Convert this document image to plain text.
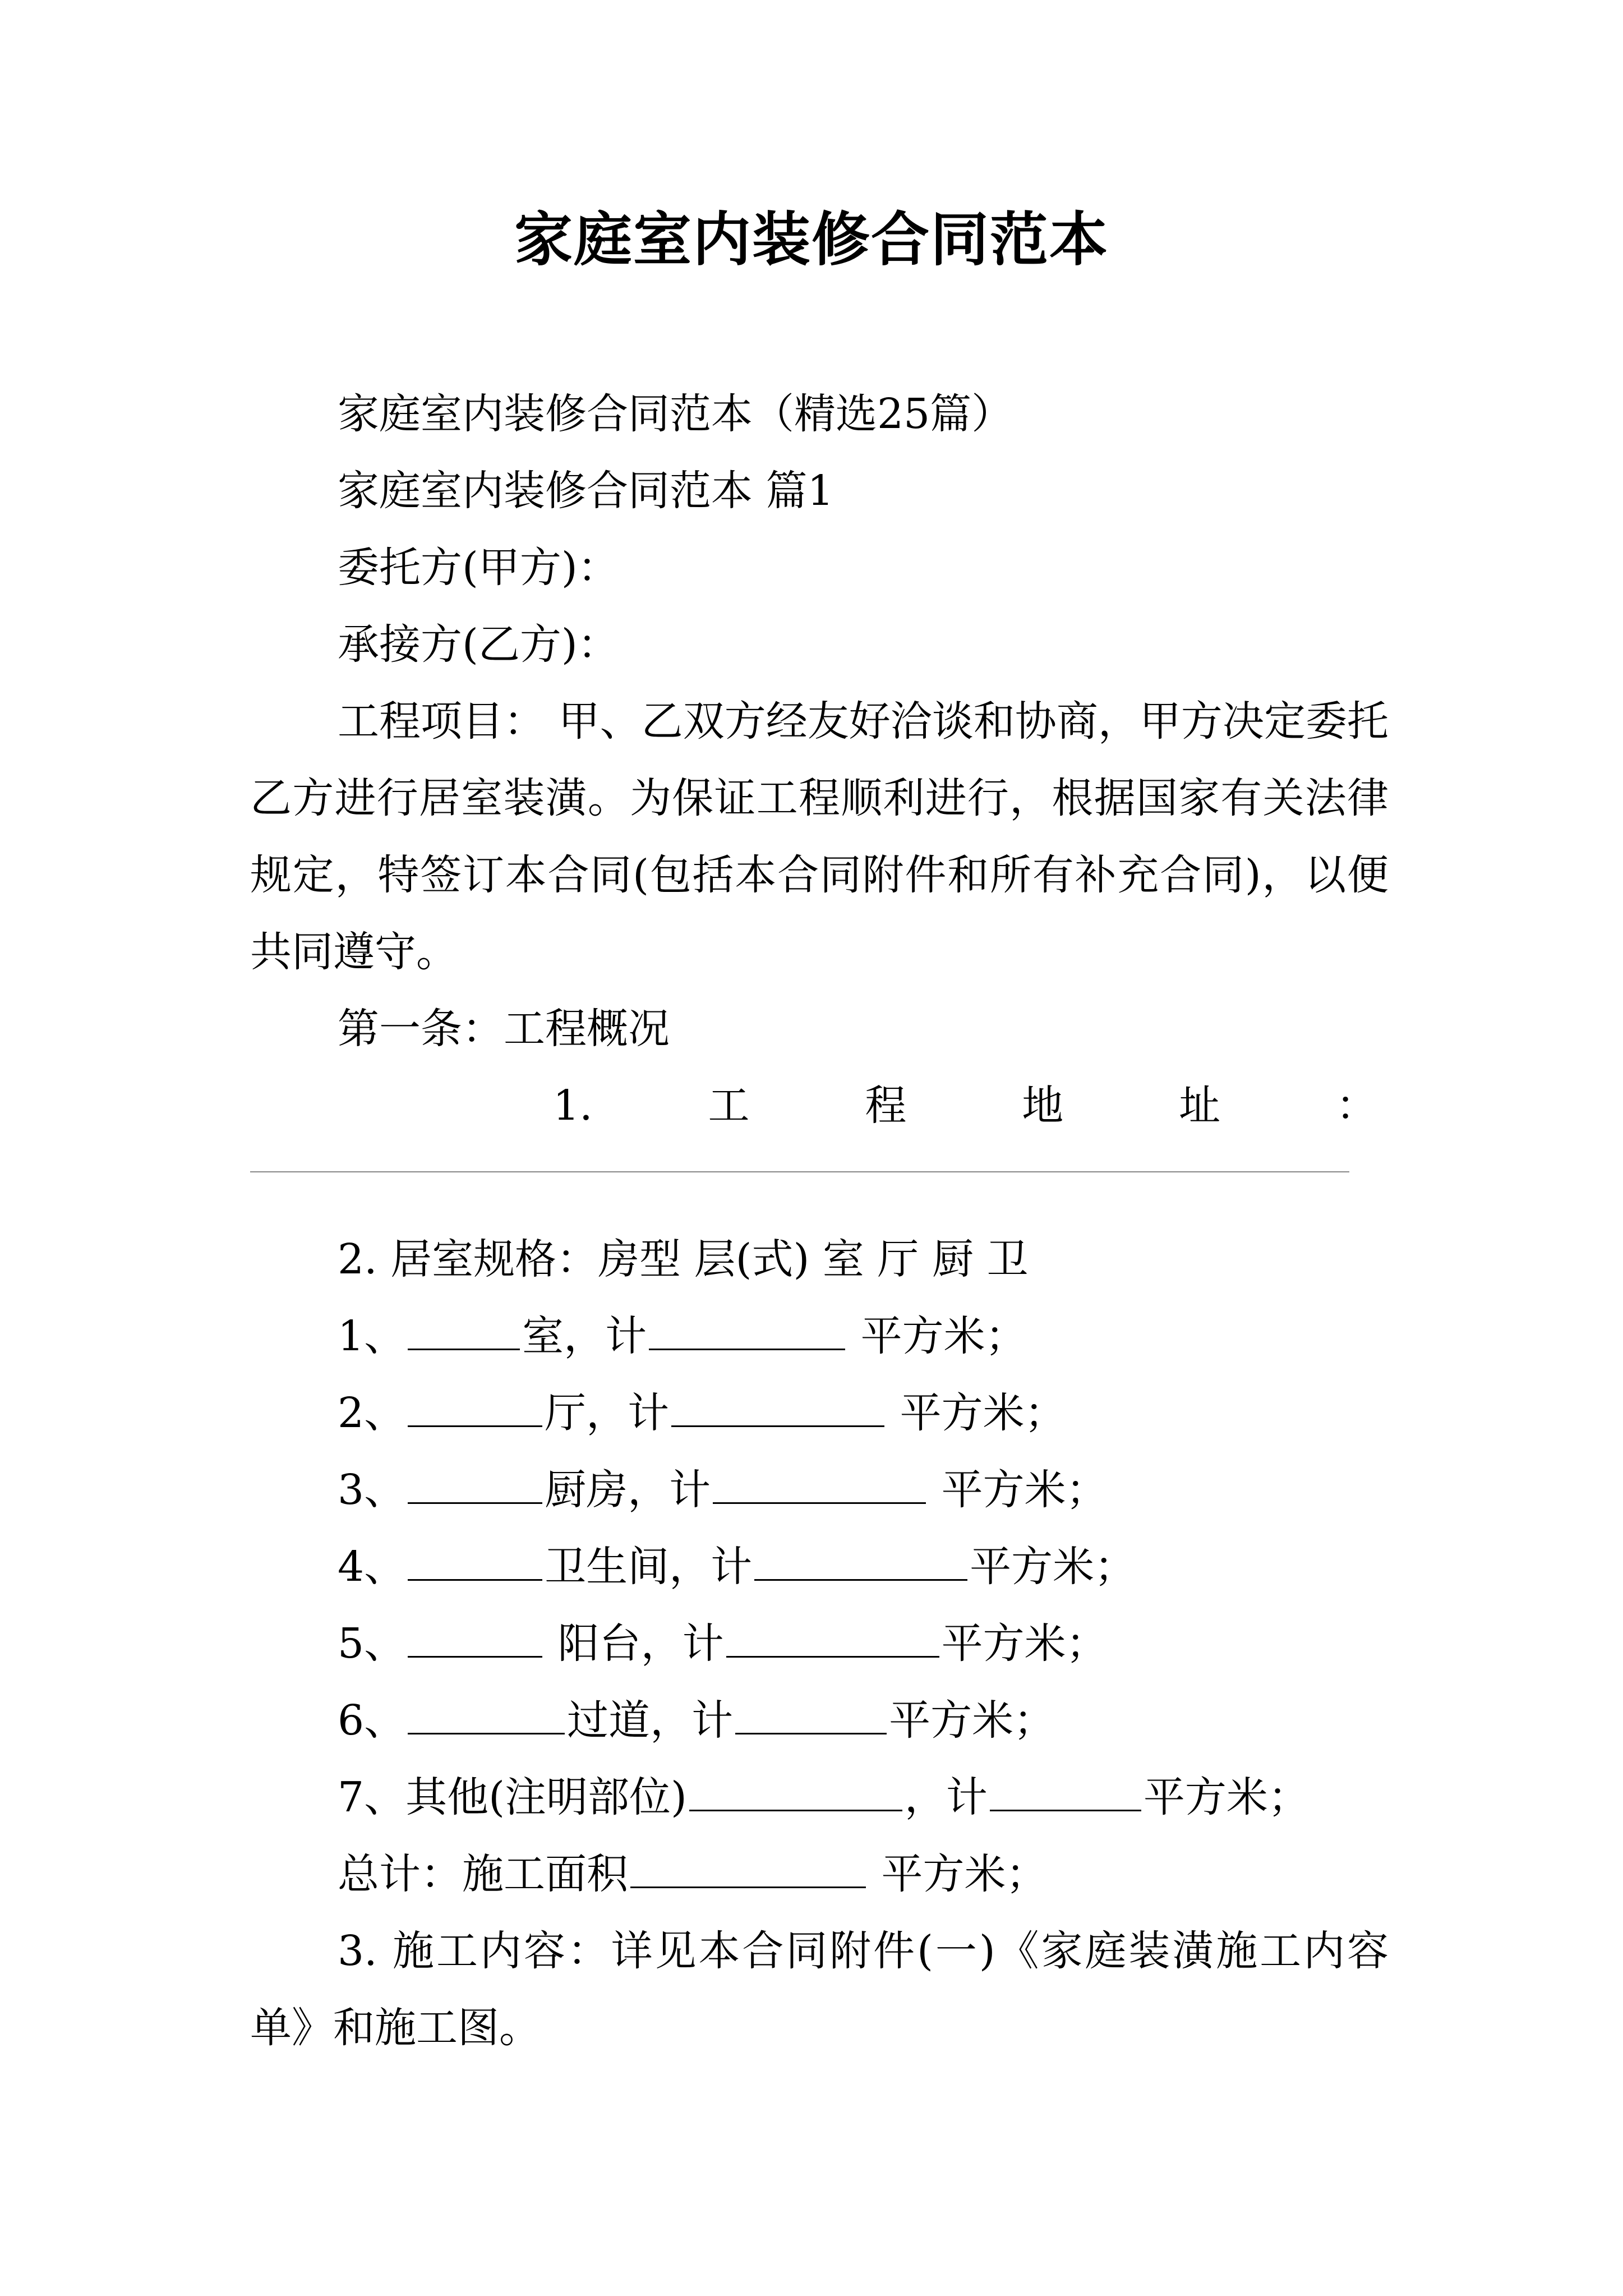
家庭室内装修合同范本

家庭室内装修合同范本（精选25篇）

家庭室内装修合同范本 篇1

委托方(甲方)：

承接方(乙方)：

工程项目： 甲、乙双方经友好洽谈和协商，甲方决定委托乙方进行居室装潢。为保证工程顺利进行，根据国家有关法律规定，特签订本合同(包括本合同附件和所有补充合同)，以便共同遵守。

第一条：工程概况

1.	工	程	地	址	：

2. 居室规格：房型 层(式) 室 厅 厨 卫

1、	室，计	平方米；

2、	厅，计	平方米；

3、	厨房，计	平方米；

4、	卫生间，计	平方米；

5、	阳台，计	平方米；

6、	过道，计	平方米；

7、其他(注明部位)	，计	平方米；

总计：施工面积	平方米；

3. 施工内容：详见本合同附件(一)《家庭装潢施工内容单》和施工图。
